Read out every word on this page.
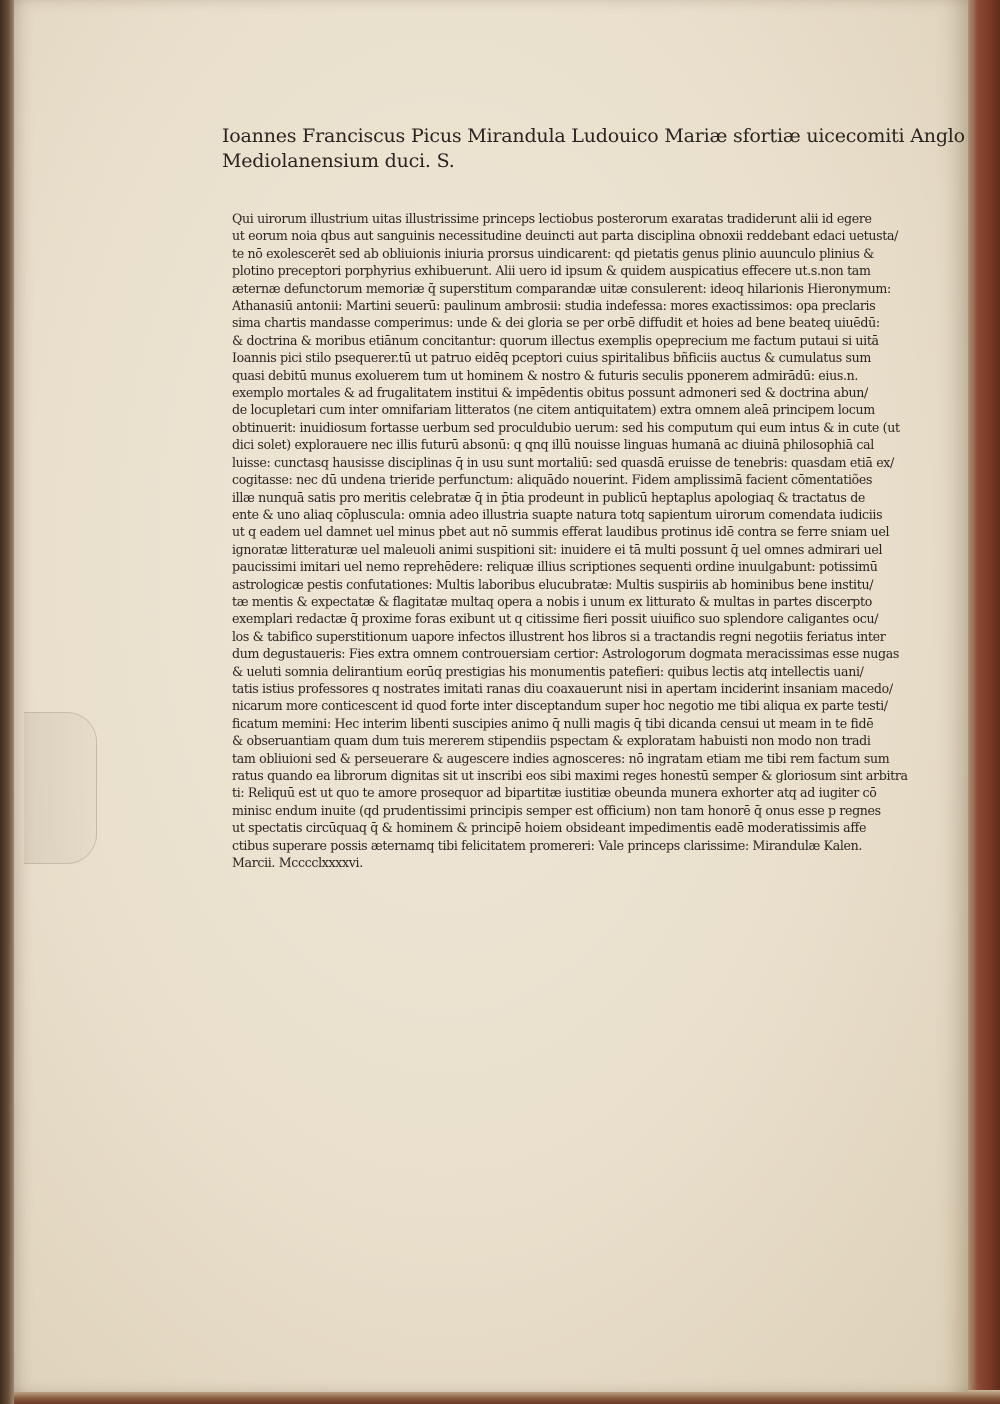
Ioannes Franciscus Picus Mirandula Ludouico Mariæ sfortiæ uicecomiti Anglo

Mediolanensium duci. S.

Qui uirorum illustrium uitas illustrissime princeps lectiobus posterorum exaratas tradiderunt alii id egere

ut eorum noia qbus aut sanguinis necessitudine deuincti aut parta disciplina obnoxii reddebant edaci uetusta/

te nō exolescerēt sed ab obliuionis iniuria prorsus uindicarent: qd pietatis genus plinio auunculo plinius &

plotino preceptori porphyrius exhibuerunt. Alii uero id ipsum & quidem auspicatius effecere ut.s.non tam

æternæ defunctorum memoriæ q̄ superstitum comparandæ uitæ consulerent: ideoq hilarionis Hieronymum:

Athanasiū antonii: Martini seuerū: paulinum ambrosii: studia indefessa: mores exactissimos: opa preclaris

sima chartis mandasse comperimus: unde & dei gloria se per orbē diffudit et hoies ad bene beateq uiuēdū:

& doctrina & moribus etiānum concitantur: quorum illectus exemplis opeprecium me factum putaui si uitā

Ioannis pici stilo psequerer.tū ut patruo eidēq pceptori cuius spiritalibus bñficiis auctus & cumulatus sum

quasi debitū munus exoluerem tum ut hominem & nostro & futuris seculis pponerem admirādū: eius.n.

exemplo mortales & ad frugalitatem institui & impēdentis obitus possunt admoneri sed & doctrina abun/

de locupletari cum inter omnifariam litteratos (ne citem antiquitatem) extra omnem aleā principem locum

obtinuerit: inuidiosum fortasse uerbum sed proculdubio uerum: sed his computum qui eum intus & in cute (ut

dici solet) explorauere nec illis futurū absonū: q qnq illū nouisse linguas humanā ac diuinā philosophiā cal

luisse: cunctasq hausisse disciplinas q̄ in usu sunt mortaliū: sed quasdā eruisse de tenebris: quasdam etiā ex/

cogitasse: nec dū undena trieride perfunctum: aliquādo nouerint. Fidem amplissimā facient cōmentatiões

illæ nunquā satis pro meritis celebratæ q̄ in p̄tia prodeunt in publicū heptaplus apologiaq & tractatus de

ente & uno aliaq cōplusculа: omnia adeo illustria suapte natura totq sapientum uirorum comendata iudiciis

ut q eadem uel damnet uel minus pbet aut nō summis efferat laudibus protinus idē contra se ferre sniam uel

ignoratæ litteraturæ uel maleuoli animi suspitioni sit: inuidere ei tā multi possunt q̄ uel omnes admirari uel

paucissimi imitari uel nemo reprehēdere: reliquæ illius scriptiones sequenti ordine inuulgabunt: potissimū

astrologicæ pestis confutationes: Multis laboribus elucubratæ: Multis suspiriis ab hominibus bene institu/

tæ mentis & expectatæ & flagitatæ multaq opera a nobis i unum ex litturato & multas in partes discerpto

exemplari redactæ q̄ proxime foras exibunt ut q citissime fieri possit uiuifico suo splendore caligantes ocu/

los & tabifico superstitionum uapore infectos illustrent hos libros si a tractandis regni negotiis feriatus inter

dum degustaueris: Fies extra omnem controuersiam certior: Astrologorum dogmata meracissimas esse nugas

& ueluti somnia delirantium eorūq prestigias his monumentis patefieri: quibus lectis atq intellectis uani/

tatis istius professores q nostrates imitati ranas diu coaxauerunt nisi in apertam inciderint insaniam macedo/

nicarum more conticescent id quod forte inter disceptandum super hoc negotio me tibi aliqua ex parte testi/

ficatum memini: Hec interim libenti suscipies animo q̄ nulli magis q̄ tibi dicanda censui ut meam in te fidē

& obseruantiam quam dum tuis mererem stipendiis pspectam & exploratam habuisti non modo non tradi

tam obliuioni sed & perseuerare & augescere indies agnosceres: nō ingratam etiam me tibi rem factum sum

ratus quando ea librorum dignitas sit ut inscribi eos sibi maximi reges honestū semper & gloriosum sint arbitra

ti: Reliquū est ut quo te amore prosequor ad bipartitæ iustitiæ obeunda munera exhorter atq ad iugiter cō

minisc endum inuite (qd prudentissimi principis semper est officium) non tam honorē q̄ onus esse p regnes

ut spectatis circūquaq q̄ & hominem & principē hoiem obsideant impedimentis eadē moderatissimis affe

ctibus superare possis æternamq tibi felicitatem promereri: Vale princeps clarissime: Mirandulæ Kalen.

Marcii. Mcccclxxxxvi.
